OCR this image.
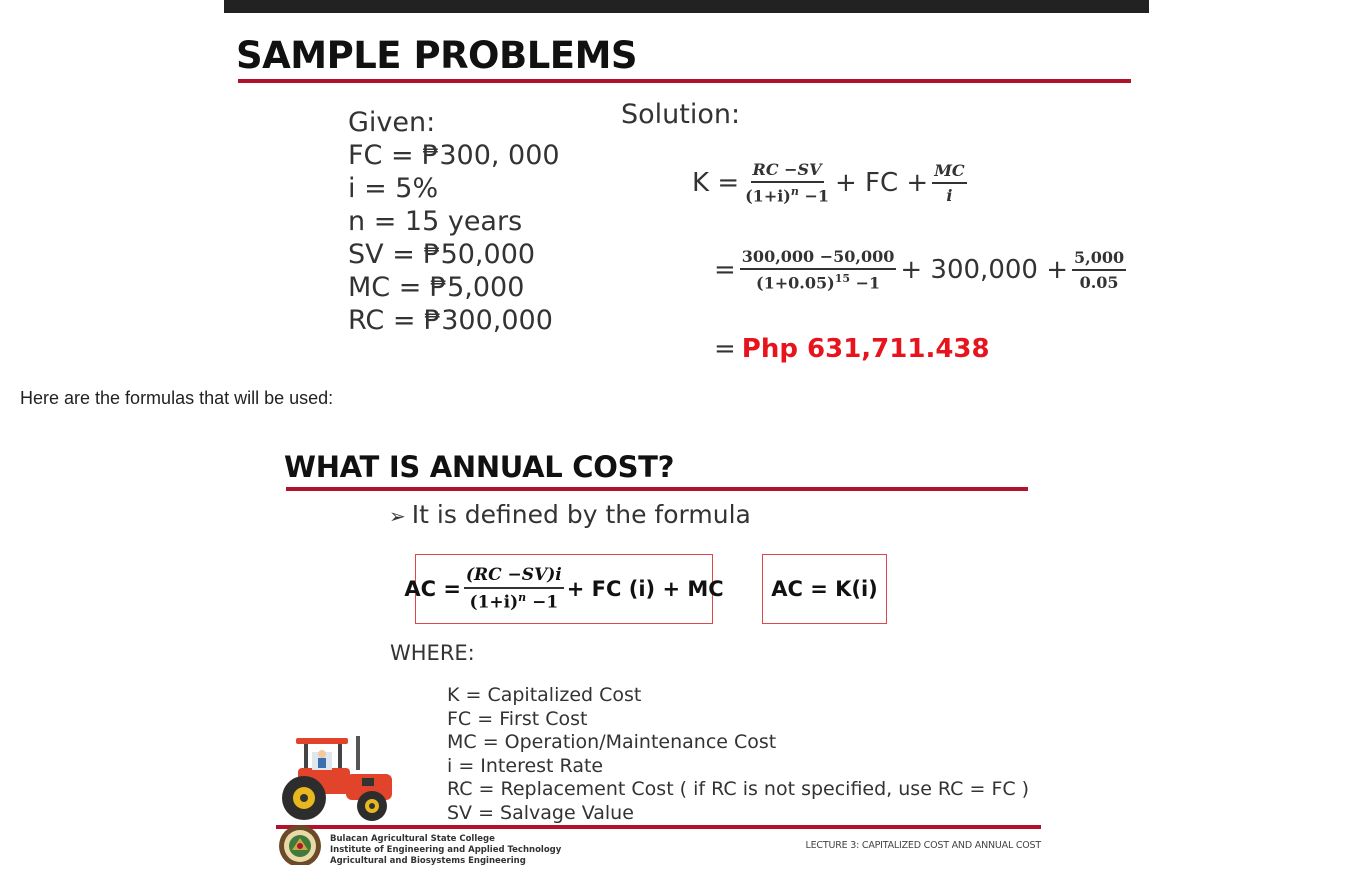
SAMPLE PROBLEMS
Given:
FC = ₱300, 000
i = 5%
n = 15 years
SV = ₱50,000
MC = ₱5,000
RC = ₱300,000
Solution:
$K = \frac{RC -SV}{(1+i)^n -1}$ + FC + $\frac{MC}{i}$
= $\frac{300,000 -50,000}{(1+0.05)^{15} -1} + 300,000 + \frac{5,000}{0.05}$
= Php 631,711.438
Here are the formulas that will be used:
WHAT IS ANNUAL COST?
➢ It is defined by the formula
AC = $\frac{(RC -SV)i}{(1+i)^n -1}$ + FC (i) + MC AC = K(i)
WHERE:
K = Capitalized Cost
FC = First Cost
MC = Operation/Maintenance Cost
i = Interest Rate
RC = Replacement Cost ( if RC is not specified, use RC = FC )
SV = Salvage Value
Bulacan Agricultural State College
Institute of Engineering and Applied Technology
Agricultural and Biosystems Engineering
LECTURE 3: CAPITALIZED COST AND ANNUAL COST
